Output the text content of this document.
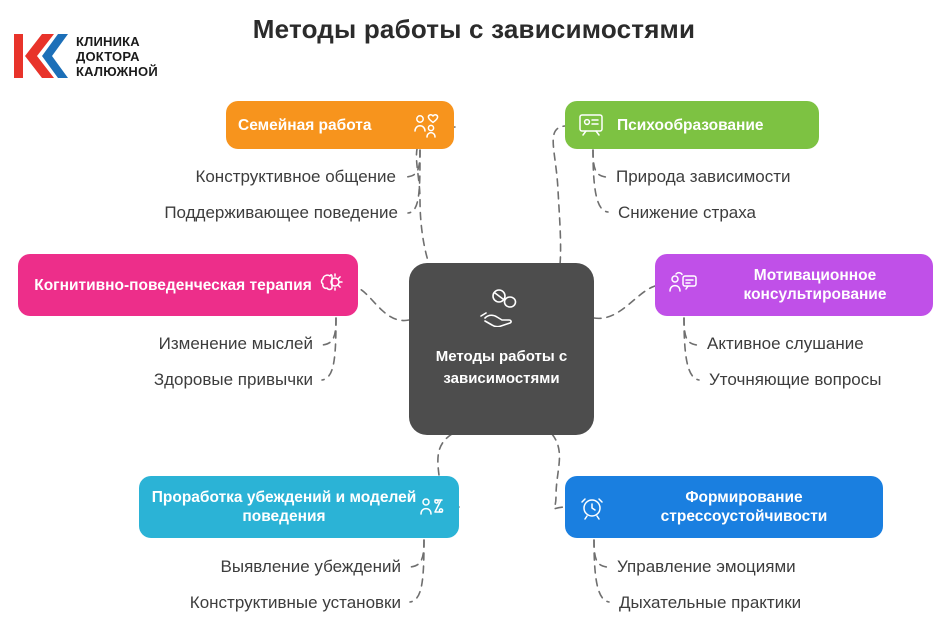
КЛИНИКА
ДОКТОРА
КАЛЮЖНОЙ
Методы работы с зависимостями
Методы работы с зависимостями
Семейная работа
Конструктивное общение
Поддерживающее поведение
Психообразование
Природа зависимости
Снижение страха
Когнитивно-поведенческая терапия
Изменение мыслей
Здоровые привычки
Мотивационное консультирование
Активное слушание
Уточняющие вопросы
Проработка убеждений и моделей поведения
Выявление убеждений
Конструктивные установки
Формирование стрессоустойчивости
Управление эмоциями
Дыхательные практики
